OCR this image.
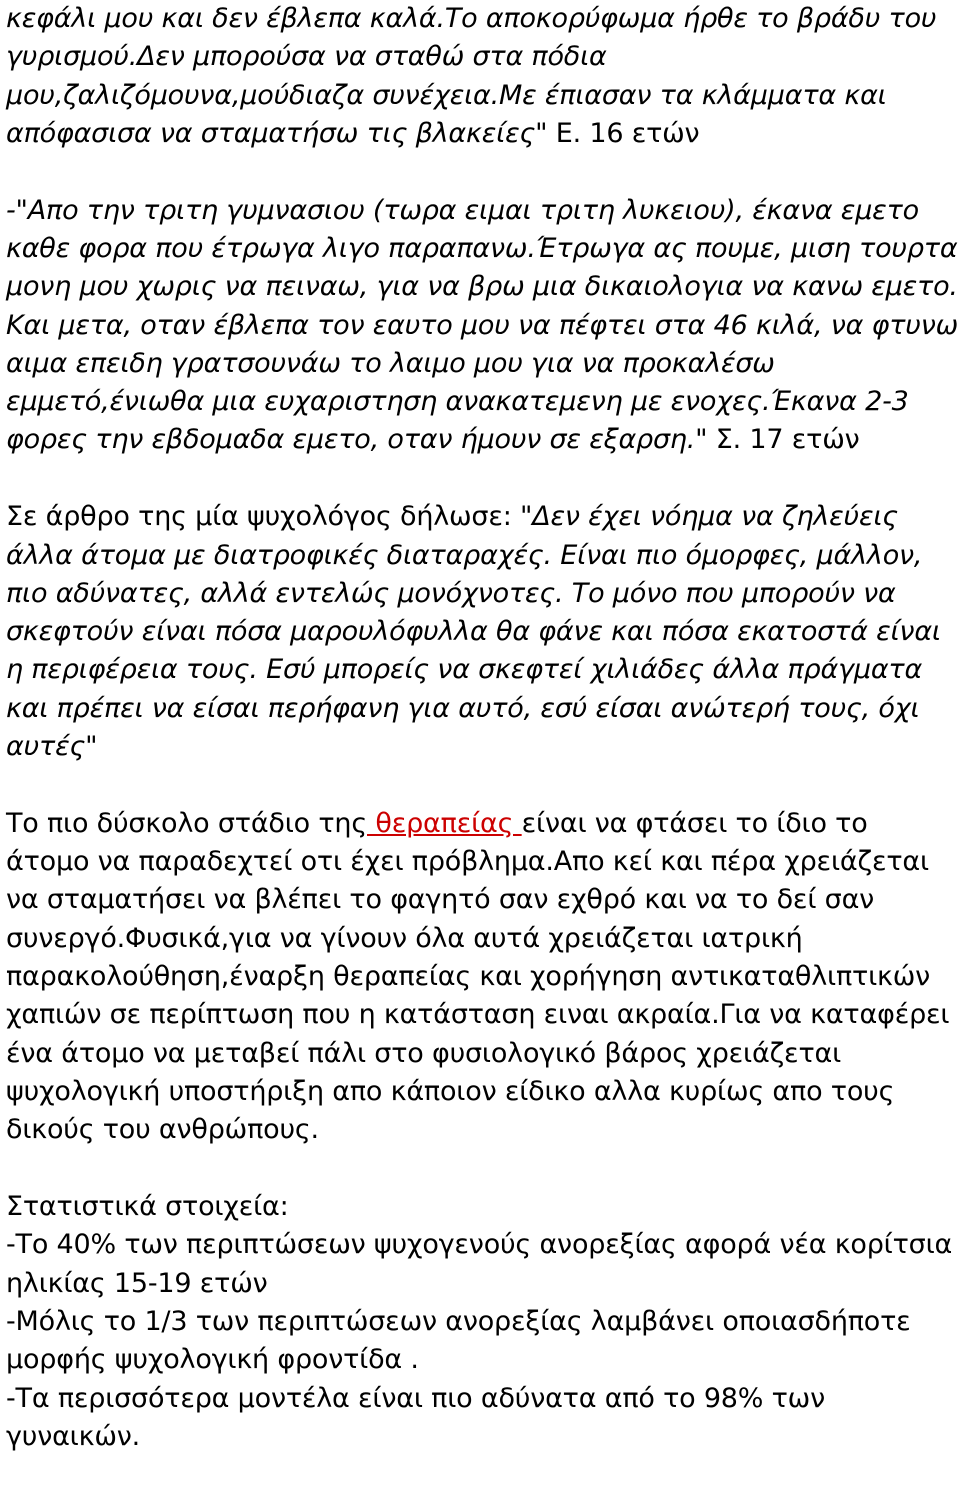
κεφάλι μου και δεν έβλεπα καλά.Το αποκορύφωμα ήρθε το βράδυ του γυρισμού.Δεν μπορούσα να σταθώ στα πόδια μου,ζαλιζόμουνα,μούδιαζα συνέχεια.Με έπιασαν τα κλάμματα και απόφασισα να σταματήσω τις βλακείες" Ε. 16 ετών

-"Απο την τριτη γυμνασιου (τωρα ειμαι τριτη λυκειου), έκανα εμετο καθε φορα που έτρωγα λιγο παραπανω.Έτρωγα ας πουμε, μιση τουρτα μονη μου χωρις να πειναω, για να βρω μια δικαιολογια να κανω εμετο. Και μετα, οταν έβλεπα τον εαυτο μου να πέφτει στα 46 κιλά, να φτυνω αιμα επειδη γρατσουνάω το λαιμο μου για να προκαλέσω εμμετό,ένιωθα μια ευχαριστηση ανακατεμενη με ενοχες.Έκανα 2-3 φορες την εβδομαδα εμετο, οταν ήμουν σε εξαρση." Σ. 17 ετών

Σε άρθρο της μία ψυχολόγος δήλωσε: "Δεν έχει νόημα να ζηλεύεις άλλα άτομα με διατροφικές διαταραχές. Είναι πιο όμορφες, μάλλον, πιο αδύνατες, αλλά εντελώς μονόχνοτες. Το μόνο που μπορούν να σκεφτούν είναι πόσα μαρουλόφυλλα θα φάνε και πόσα εκατοστά είναι η περιφέρεια τους. Εσύ μπορείς να σκεφτεί χιλιάδες άλλα πράγματα και πρέπει να είσαι περήφανη για αυτό, εσύ είσαι ανώτερή τους, όχι αυτές"

Το πιο δύσκολο στάδιο της θεραπείας είναι να φτάσει το ίδιο το άτομο να παραδεχτεί οτι έχει πρόβλημα.Απο κεί και πέρα χρειάζεται να σταματήσει να βλέπει το φαγητό σαν εχθρό και να το δεί σαν συνεργό.Φυσικά,για να γίνουν όλα αυτά χρειάζεται ιατρική παρακολούθηση,έναρξη θεραπείας και χορήγηση αντικαταθλιπτικών χαπιών σε περίπτωση που η κατάσταση ειναι ακραία.Για να καταφέρει ένα άτομο να μεταβεί πάλι στο φυσιολογικό βάρος χρειάζεται ψυχολογική υποστήριξη απο κάποιον είδικο αλλα κυρίως απο τους δικούς του ανθρώπους.

Στατιστικά στοιχεία:

-Το 40% των περιπτώσεων ψυχογενούς ανορεξίας αφορά νέα κορίτσια ηλικίας 15-19 ετών

-Μόλις το 1/3 των περιπτώσεων ανορεξίας λαμβάνει οποιασδήποτε μορφής ψυχολογική φροντίδα .

-Τα περισσότερα μοντέλα είναι πιο αδύνατα από το 98% των γυναικών.
